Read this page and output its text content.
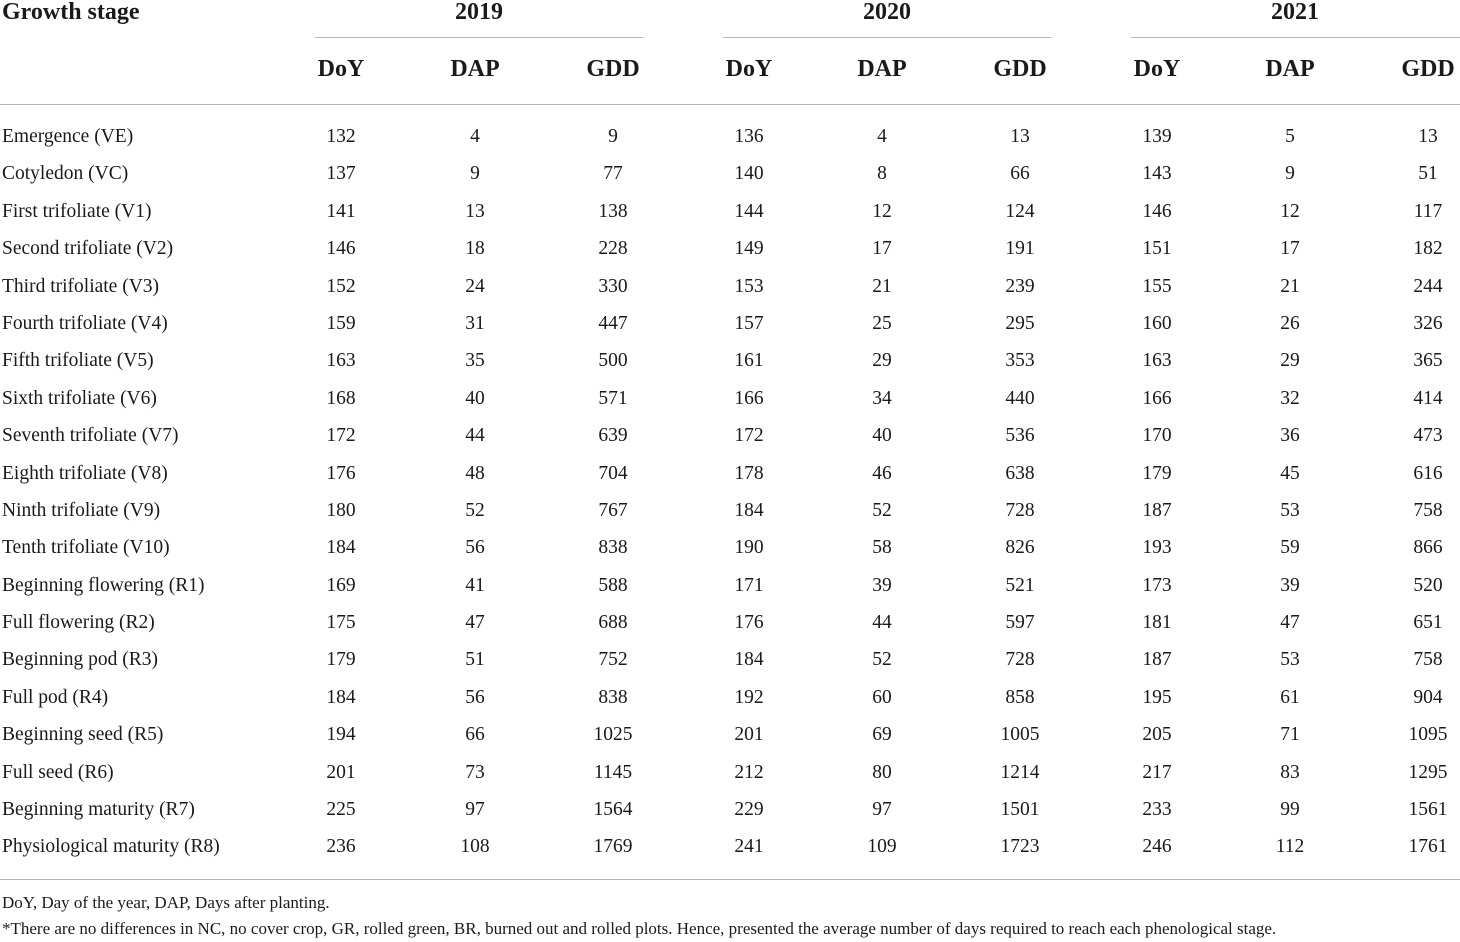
Growth stage	2019	2020	2021
DoY	DAP	GDD	DoY	DAP	GDD	DoY	DAP	GDD
Emergence (VE)	132	4	9	136	4	13	139	5	13
Cotyledon (VC)	137	9	77	140	8	66	143	9	51
First trifoliate (V1)	141	13	138	144	12	124	146	12	117
Second trifoliate (V2)	146	18	228	149	17	191	151	17	182
Third trifoliate (V3)	152	24	330	153	21	239	155	21	244
Fourth trifoliate (V4)	159	31	447	157	25	295	160	26	326
Fifth trifoliate (V5)	163	35	500	161	29	353	163	29	365
Sixth trifoliate (V6)	168	40	571	166	34	440	166	32	414
Seventh trifoliate (V7)	172	44	639	172	40	536	170	36	473
Eighth trifoliate (V8)	176	48	704	178	46	638	179	45	616
Ninth trifoliate (V9)	180	52	767	184	52	728	187	53	758
Tenth trifoliate (V10)	184	56	838	190	58	826	193	59	866
Beginning flowering (R1)	169	41	588	171	39	521	173	39	520
Full flowering (R2)	175	47	688	176	44	597	181	47	651
Beginning pod (R3)	179	51	752	184	52	728	187	53	758
Full pod (R4)	184	56	838	192	60	858	195	61	904
Beginning seed (R5)	194	66	1025	201	69	1005	205	71	1095
Full seed (R6)	201	73	1145	212	80	1214	217	83	1295
Beginning maturity (R7)	225	97	1564	229	97	1501	233	99	1561
Physiological maturity (R8)	236	108	1769	241	109	1723	246	112	1761
DoY, Day of the year, DAP, Days after planting.
*There are no differences in NC, no cover crop, GR, rolled green, BR, burned out and rolled plots. Hence, presented the average number of days required to reach each phenological stage.
